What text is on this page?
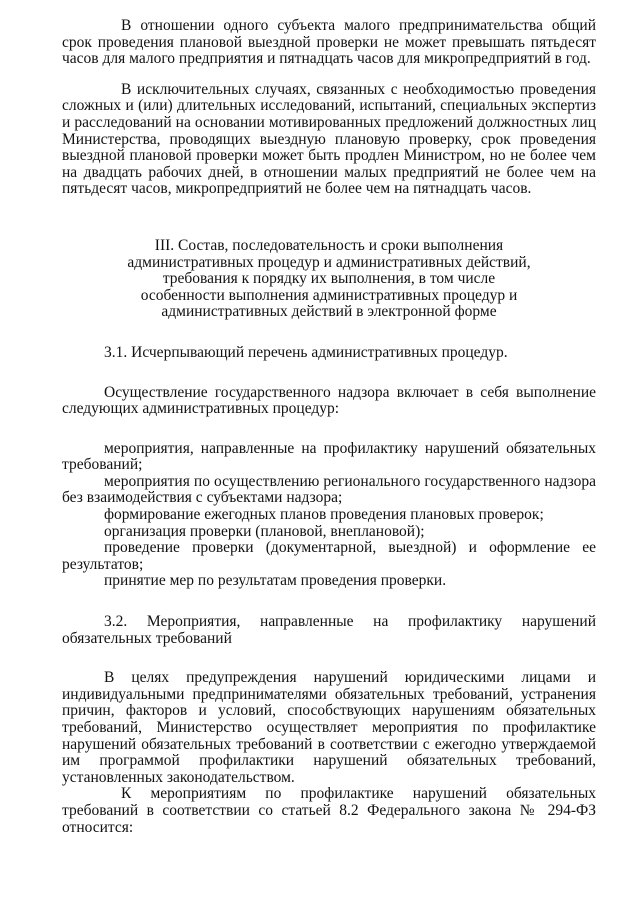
В отношении одного субъекта малого предпринимательства общий срок проведения плановой выездной проверки не может превышать пятьдесят часов для малого предприятия и пятнадцать часов для микропредприятий в год.

В исключительных случаях, связанных с необходимостью проведения сложных и (или) длительных исследований, испытаний, специальных экспертиз и расследований на основании мотивированных предложений должностных лиц Министерства, проводящих выездную плановую проверку, срок проведения выездной плановой проверки может быть продлен Министром, но не более чем на двадцать рабочих дней, в отношении малых предприятий не более чем на пятьдесят часов, микропредприятий не более чем на пятнадцать часов.

III. Состав, последовательность и сроки выполнения

административных процедур и административных действий,

требования к порядку их выполнения, в том числе

особенности выполнения административных процедур и

административных действий в электронной форме

3.1. Исчерпывающий перечень административных процедур.

Осуществление государственного надзора включает в себя выполнение следующих административных процедур:

мероприятия, направленные на профилактику нарушений обязательных требований;

мероприятия по осуществлению регионального государственного надзора без взаимодействия с субъектами надзора;

формирование ежегодных планов проведения плановых проверок;

организация проверки (плановой, внеплановой);

проведение проверки (документарной, выездной) и оформление ее результатов;

принятие мер по результатам проведения проверки.

3.2. Мероприятия, направленные на профилактику нарушений обязательных требований

В целях предупреждения нарушений юридическими лицами и индивидуальными предпринимателями обязательных требований, устранения причин, факторов и условий, способствующих нарушениям обязательных требований, Министерство осуществляет мероприятия по профилактике нарушений обязательных требований в соответствии с ежегодно утверждаемой им программой профилактики нарушений обязательных требований, установленных законодательством.

К мероприятиям по профилактике нарушений обязательных требований в соответствии со статьей 8.2 Федерального закона № 294-ФЗ относится:
